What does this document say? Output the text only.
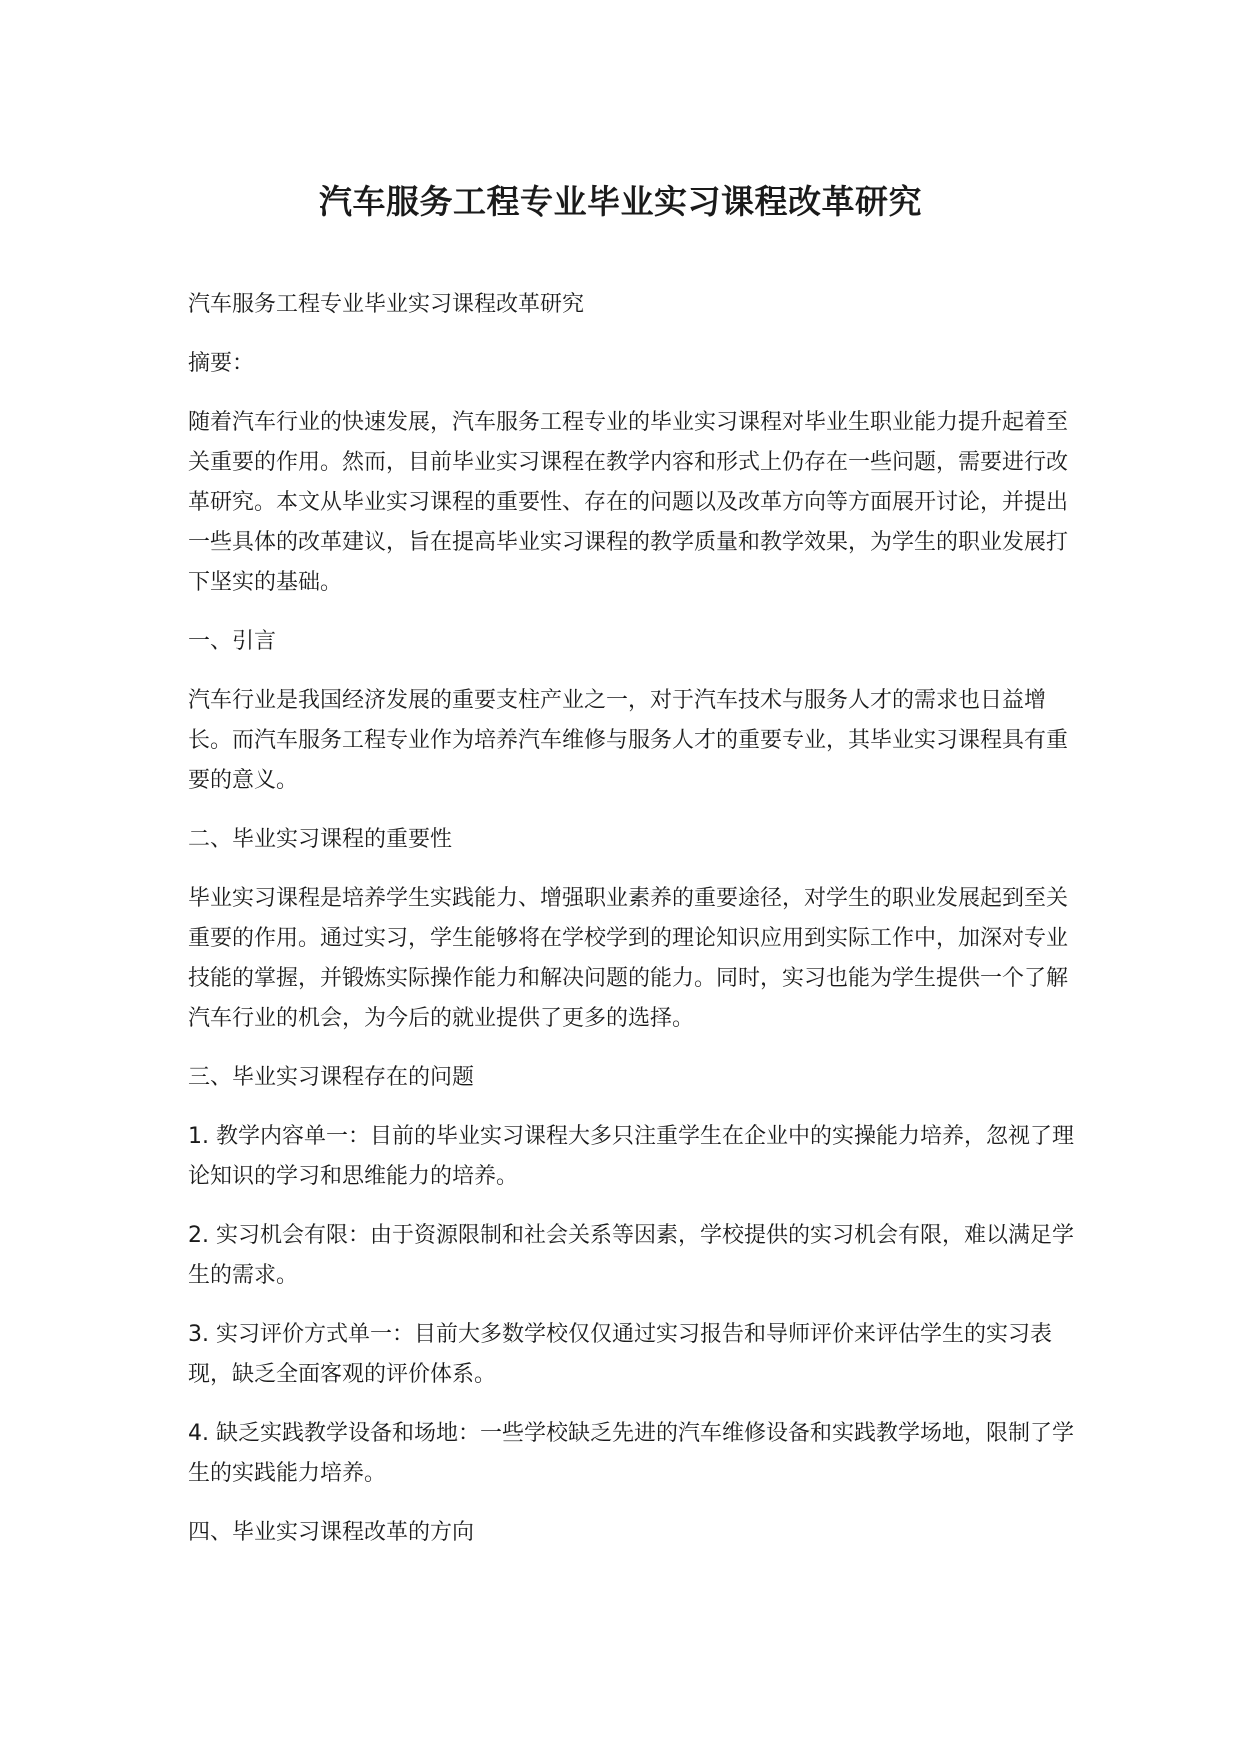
汽车服务工程专业毕业实习课程改革研究

汽车服务工程专业毕业实习课程改革研究

摘要：

随着汽车行业的快速发展，汽车服务工程专业的毕业实习课程对毕业生职业能力提升起着至关重要的作用。然而，目前毕业实习课程在教学内容和形式上仍存在一些问题，需要进行改革研究。本文从毕业实习课程的重要性、存在的问题以及改革方向等方面展开讨论，并提出一些具体的改革建议，旨在提高毕业实习课程的教学质量和教学效果，为学生的职业发展打下坚实的基础。

一、引言

汽车行业是我国经济发展的重要支柱产业之一，对于汽车技术与服务人才的需求也日益增长。而汽车服务工程专业作为培养汽车维修与服务人才的重要专业，其毕业实习课程具有重要的意义。

二、毕业实习课程的重要性

毕业实习课程是培养学生实践能力、增强职业素养的重要途径，对学生的职业发展起到至关重要的作用。通过实习，学生能够将在学校学到的理论知识应用到实际工作中，加深对专业技能的掌握，并锻炼实际操作能力和解决问题的能力。同时，实习也能为学生提供一个了解汽车行业的机会，为今后的就业提供了更多的选择。

三、毕业实习课程存在的问题

1. 教学内容单一：目前的毕业实习课程大多只注重学生在企业中的实操能力培养，忽视了理论知识的学习和思维能力的培养。
2. 实习机会有限：由于资源限制和社会关系等因素，学校提供的实习机会有限，难以满足学生的需求。
3. 实习评价方式单一：目前大多数学校仅仅通过实习报告和导师评价来评估学生的实习表现，缺乏全面客观的评价体系。
4. 缺乏实践教学设备和场地：一些学校缺乏先进的汽车维修设备和实践教学场地，限制了学生的实践能力培养。

四、毕业实习课程改革的方向
